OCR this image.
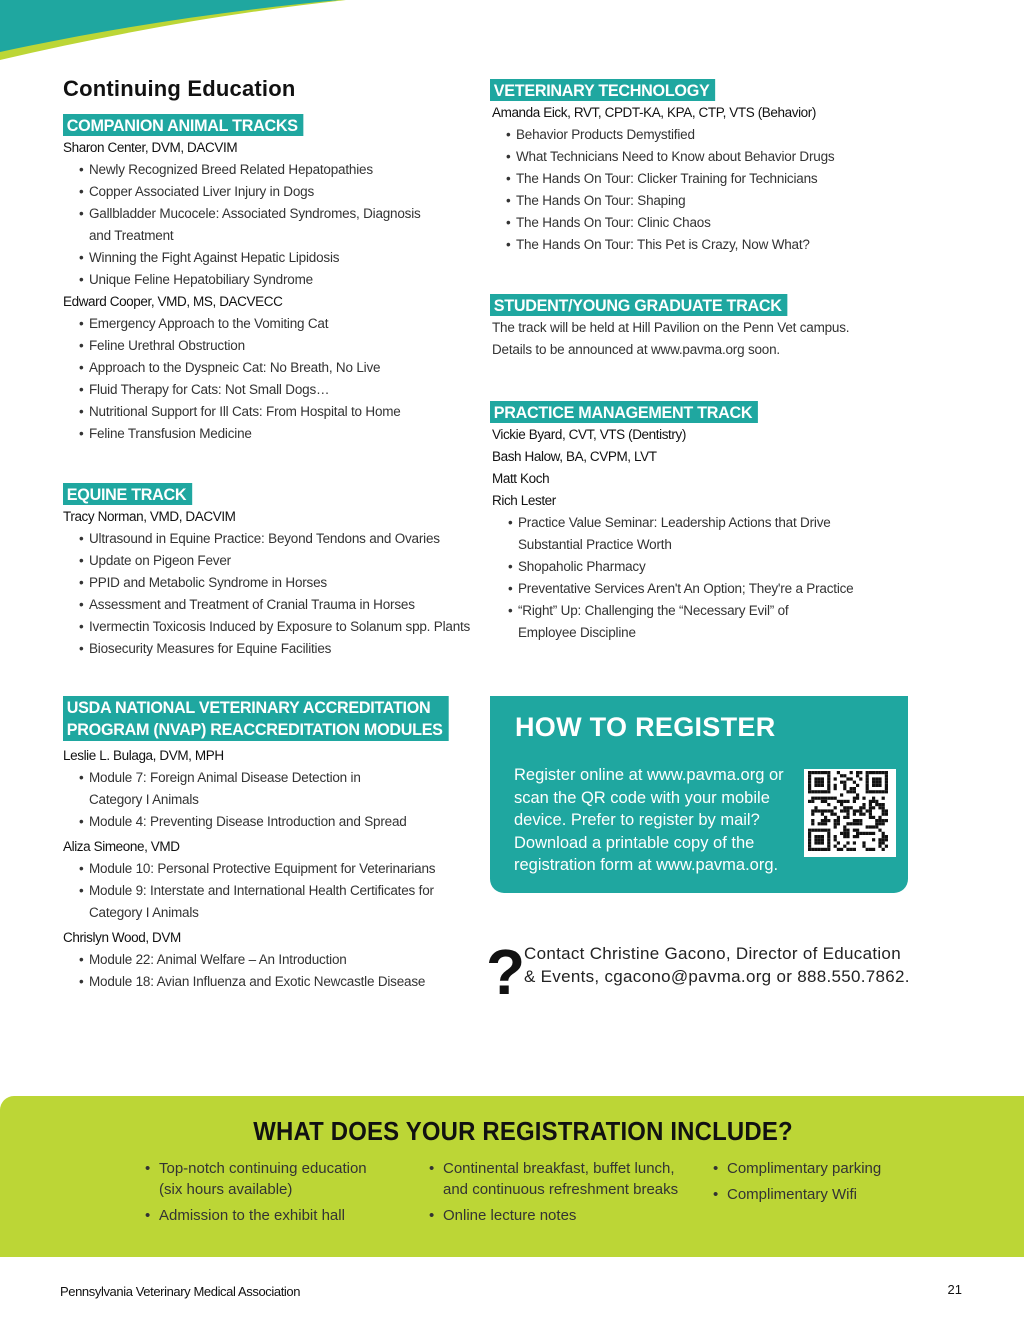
Continuing Education
COMPANION ANIMAL TRACKS
Sharon Center, DVM, DACVIM
• Newly Recognized Breed Related Hepatopathies
• Copper Associated Liver Injury in Dogs
• Gallbladder Mucocele: Associated Syndromes, Diagnosis
and Treatment
• Winning the Fight Against Hepatic Lipidosis
• Unique Feline Hepatobiliary Syndrome
Edward Cooper, VMD, MS, DACVECC
• Emergency Approach to the Vomiting Cat
• Feline Urethral Obstruction
• Approach to the Dyspneic Cat: No Breath, No Live
• Fluid Therapy for Cats: Not Small Dogs…
• Nutritional Support for Ill Cats: From Hospital to Home
• Feline Transfusion Medicine
EQUINE TRACK
Tracy Norman, VMD, DACVIM
• Ultrasound in Equine Practice: Beyond Tendons and Ovaries
• Update on Pigeon Fever
• PPID and Metabolic Syndrome in Horses
• Assessment and Treatment of Cranial Trauma in Horses
• Ivermectin Toxicosis Induced by Exposure to Solanum spp. Plants
• Biosecurity Measures for Equine Facilities
USDA NATIONAL VETERINARY ACCREDITATION
PROGRAM (NVAP) REACCREDITATION MODULES
Leslie L. Bulaga, DVM, MPH
• Module 7: Foreign Animal Disease Detection in
Category I Animals
• Module 4: Preventing Disease Introduction and Spread
Aliza Simeone, VMD
• Module 10: Personal Protective Equipment for Veterinarians
• Module 9: Interstate and International Health Certificates for
Category I Animals
Chrislyn Wood, DVM
• Module 22: Animal Welfare – An Introduction
• Module 18: Avian Influenza and Exotic Newcastle Disease
VETERINARY TECHNOLOGY
Amanda Eick, RVT, CPDT-KA, KPA, CTP, VTS (Behavior)
• Behavior Products Demystified
• What Technicians Need to Know about Behavior Drugs
• The Hands On Tour: Clicker Training for Technicians
• The Hands On Tour: Shaping
• The Hands On Tour: Clinic Chaos
• The Hands On Tour: This Pet is Crazy, Now What?
STUDENT/YOUNG GRADUATE TRACK
The track will be held at Hill Pavilion on the Penn Vet campus.
Details to be announced at www.pavma.org soon.
PRACTICE MANAGEMENT TRACK
Vickie Byard, CVT, VTS (Dentistry)
Bash Halow, BA, CVPM, LVT
Matt Koch
Rich Lester
• Practice Value Seminar: Leadership Actions that Drive
Substantial Practice Worth
• Shopaholic Pharmacy
• Preventative Services Aren't An Option; They're a Practice
• “Right” Up: Challenging the “Necessary Evil” of
Employee Discipline
HOW TO REGISTER

Register online at www.pavma.org or scan the QR code with your mobile device. Prefer to register by mail? Download a printable copy of the registration form at www.pavma.org.

?

Contact Christine Gacono, Director of Education & Events, cgacono@pavma.org or 888.550.7862.

WHAT DOES YOUR REGISTRATION INCLUDE?
• Top-notch continuing education (six hours available)
• Admission to the exhibit hall
• Continental breakfast, buffet lunch, and continuous refreshment breaks
• Online lecture notes
• Complimentary parking
• Complimentary Wifi
Pennsylvania Veterinary Medical Association	21
